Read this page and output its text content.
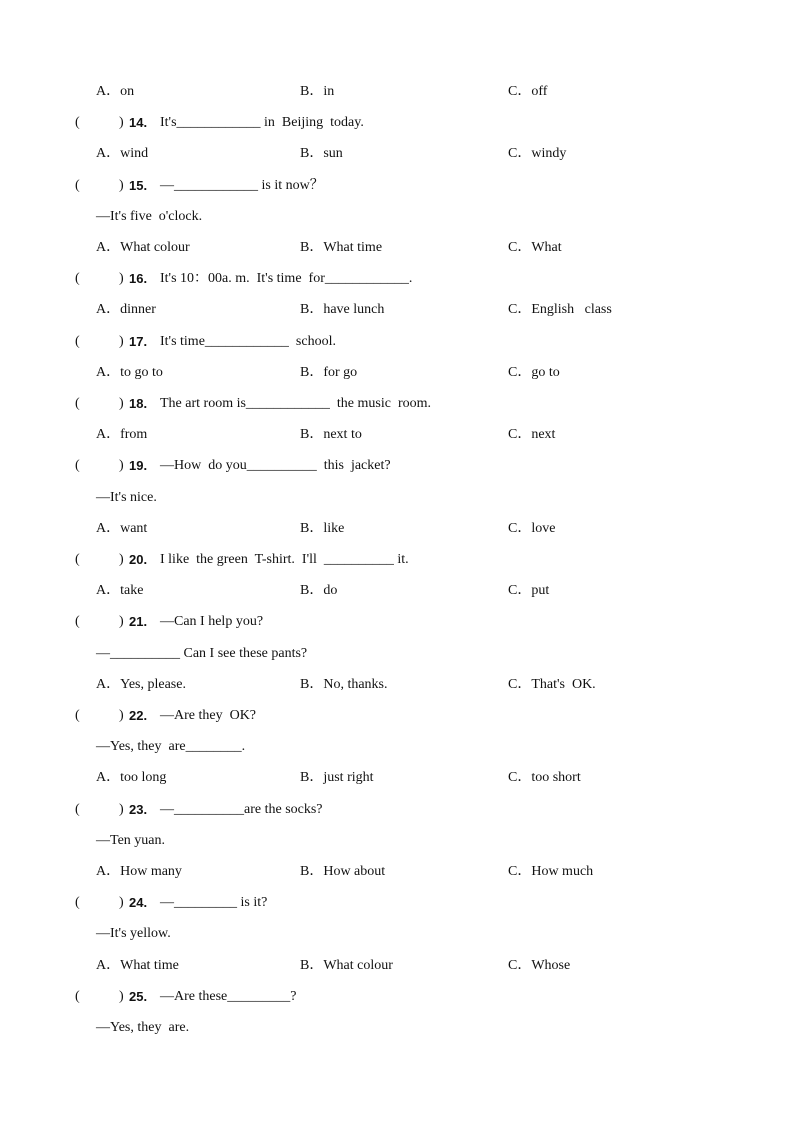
A．on	B．in	C．off
(	) 14. It's____________ in  Beijing  today.
A．wind	B．sun	C．windy
(	) 15. —____________ is it now？
—It's five  o'clock.
A．What colour	B．What time	C．What
(	) 16. It's 10：00a. m.  It's time  for____________.
A．dinner	B．have lunch	C．English   class
(	) 17. It's time____________  school.
A．to go to	B．for go	C．go to
(	) 18. The art room is____________  the music  room.
A．from	B．next to	C．next
(	) 19. —How  do you__________  this  jacket?
—It's nice.
A．want	B．like	C．love
(	) 20. I like  the green  T-shirt.  I'll  __________ it.
A．take	B．do	C．put
(	) 21. —Can I help you?
—__________ Can I see these pants?
A．Yes, please.	B．No, thanks.	C．That's  OK.
(	) 22. —Are they  OK?
—Yes, they  are________.
A．too long	B．just right	C．too short
(	) 23. —__________are the socks?
—Ten yuan.
A．How many	B．How about	C．How much
(	) 24. —_________ is it?
—It's yellow.
A．What time	B．What colour	C．Whose
(	) 25. —Are these_________?
—Yes, they  are.
